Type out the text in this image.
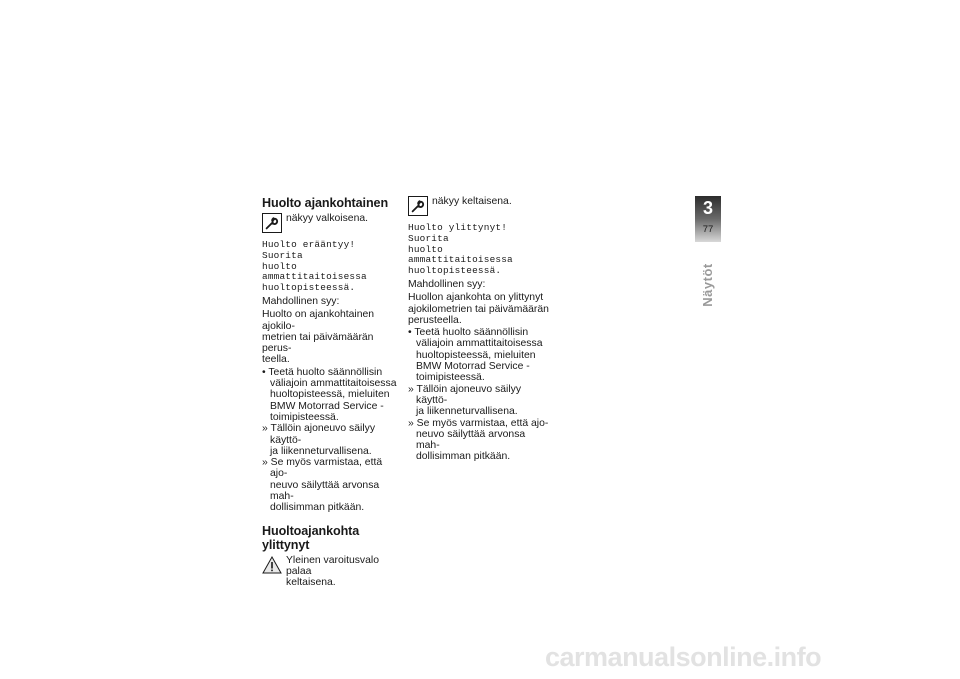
Huolto ajankohtainen
näkyy valkoisena.
Huolto erääntyy! Suorita
huolto ammattitaitoisessa
huoltopisteessä.
Mahdollinen syy:

Huolto on ajankohtainen ajokilo-
metrien tai päivämäärän perus-
teella.

• Teetä huolto säännöllisin
väliajoin ammattitaitoisessa
huoltopisteessä, mieluiten
BMW Motorrad Service -
toimipisteessä.
» Tällöin ajoneuvo säilyy käyttö-
ja liikenneturvallisena.
» Se myös varmistaa, että ajo-
neuvo säilyttää arvonsa mah-
dollisimman pitkään.
Huoltoajankohta ylittynyt
Yleinen varoitusvalo palaa
keltaisena.
näkyy keltaisena.
Huolto ylittynyt! Suorita
huolto ammattitaitoisessa
huoltopisteessä.
Mahdollinen syy:

Huollon ajankohta on ylittynyt
ajokilometrien tai päivämäärän
perusteella.

• Teetä huolto säännöllisin
väliajoin ammattitaitoisessa
huoltopisteessä, mieluiten
BMW Motorrad Service -
toimipisteessä.
» Tällöin ajoneuvo säilyy käyttö-
ja liikenneturvallisena.
» Se myös varmistaa, että ajo-
neuvo säilyttää arvonsa mah-
dollisimman pitkään.
3
77
Näytöt
carmanualsonline.info
